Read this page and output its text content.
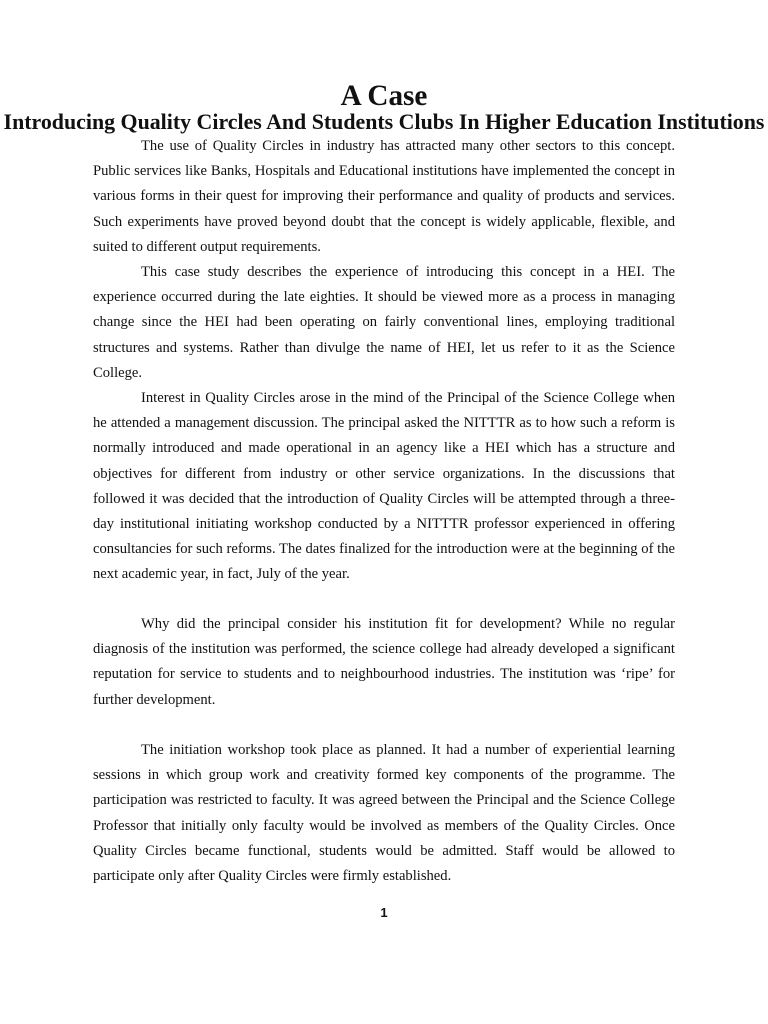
A Case
Introducing Quality Circles And Students Clubs In Higher Education Institutions

The use of Quality Circles in industry has attracted many other sectors to this concept. Public services like Banks, Hospitals and Educational institutions have implemented the concept in various forms in their quest for improving their performance and quality of products and services. Such experiments have proved beyond doubt that the concept is widely applicable, flexible, and suited to different output requirements.

This case study describes the experience of introducing this concept in a HEI. The experience occurred during the late eighties. It should be viewed more as a process in managing change since the HEI had been operating on fairly conventional lines, employing traditional structures and systems. Rather than divulge the name of HEI, let us refer to it as the Science College.

Interest in Quality Circles arose in the mind of the Principal of the Science College when he attended a management discussion. The principal asked the NITTTR as to how such a reform is normally introduced and made operational in an agency like a HEI which has a structure and objectives for different from industry or other service organizations. In the discussions that followed it was decided that the introduction of Quality Circles will be attempted through a three-day institutional initiating workshop conducted by a NITTTR professor experienced in offering consultancies for such reforms. The dates finalized for the introduction were at the beginning of the next academic year, in fact, July of the year.

Why did the principal consider his institution fit for development? While no regular diagnosis of the institution was performed, the science college had already developed a significant reputation for service to students and to neighbourhood industries. The institution was ‘ripe’ for further development.

The initiation workshop took place as planned. It had a number of experiential learning sessions in which group work and creativity formed key components of the programme. The participation was restricted to faculty. It was agreed between the Principal and the Science College Professor that initially only faculty would be involved as members of the Quality Circles. Once Quality Circles became functional, students would be admitted. Staff would be allowed to participate only after Quality Circles were firmly established.

1
